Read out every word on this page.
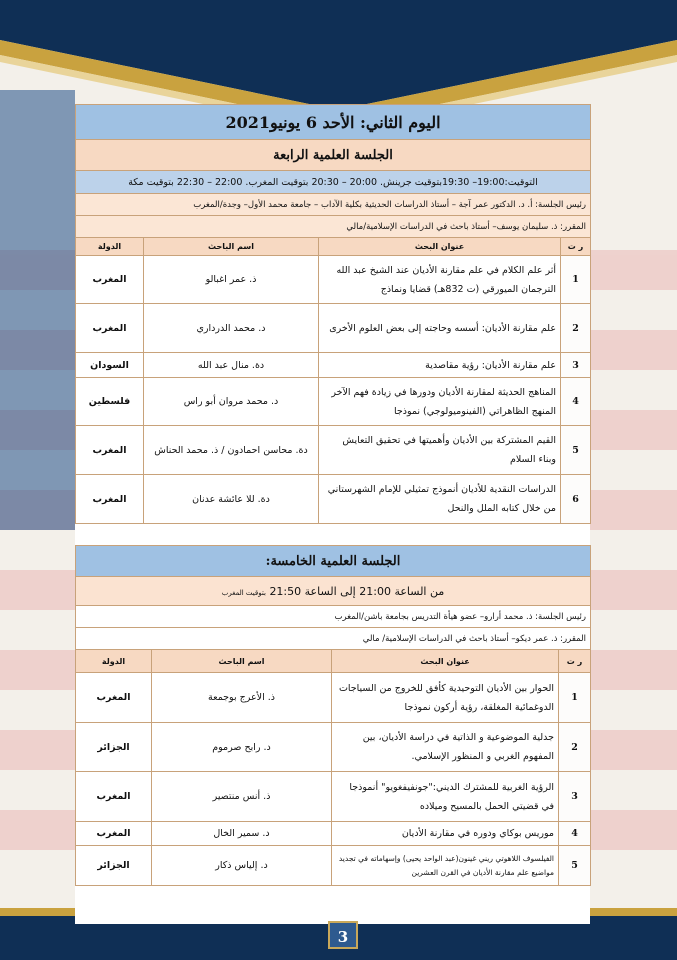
اليوم الثاني: الأحد 6 يونيو2021			
الجلسة العلمية الرابعة			
التوقيت:19:00– 19:30بتوقيت جرينش. 20:00 – 20:30 بتوقيت المغرب. 22:00 – 22:30 بتوقيت مكة			
رئيس الجلسة: أ. د. الدكتور عمر آجة – أستاذ الدراسات الحديثية بكلية الآداب – جامعة محمد الأول– وجدة/المغرب			
المقرر: ذ. سليمان يوسف– أستاذ باحث في الدراسات الإسلامية/مالي			
ر ت	عنوان البحث	اسم الباحث	الدولة
1	أثر علم الكلام في علم مقارنة الأديان عند الشيخ عبد الله الترجمان الميورقي (ت 832هـ) قضايا ونماذج	ذ. عمر اغبالو	المغرب
2	علم مقارنة الأديان: أسسه وحاجته إلى بعض العلوم الأخرى	د. محمد الدرداري	المغرب
3	علم مقارنة الأديان: رؤية مقاصدية	دة. منال عبد الله	السودان
4	المناهج الحديثة لمقارنة الأديان ودورها في زيادة فهم الآخر المنهج الظاهراتي (الفينوميولوجي) نموذجا	د. محمد مروان أبو راس	فلسطين
5	القيم المشتركة بين الأديان وأهميتها في تحقيق التعايش وبناء السلام	دة. محاسن احمادون / ذ. محمد الحناش	المغرب
6	الدراسات النقدية للأديان أنموذج تمثيلي للإمام الشهرستاني من خلال كتابه الملل والنحل	دة. للا عائشة عدنان	المغرب
الجلسة العلمية الخامسة:			
من الساعة 21:00 إلى الساعة 21:50 بتوقيت المغرب			
رئيس الجلسة: ذ. محمد أرارو– عضو هيأة التدريس بجامعة باشن/المغرب			
المقرر: ذ. عمر ديكو– أستاذ باحث في الدراسات الإسلامية/ مالي			
ر ت	عنوان البحث	اسم الباحث	الدولة
1	الحوار بين الأديان التوحيدية كأفق للخروج من السياجات الدوغمائية المغلقة، رؤية أركون نموذجا	ذ. الأعرج بوجمعة	المغرب
2	جدلية الموضوعية و الذاتية في دراسة الأديان، بين المفهوم الغربي و المنظور الإسلامي.	د. رابح صرموم	الجزائر
3	الرؤية الغربية للمشترك الديني:"جونفيفغويو" أنموذجا في قضيتي الحمل بالمسيح وميلاده	ذ. أنس منتصير	المغرب
4	موريس بوكاي ودوره في مقارنة الأديان	د. سمير الخال	المغرب
5	الفيلسوف اللاهوتي ريني غينون(عبد الواحد يحيى) وإسهاماته في تجديد مواضيع علم مقارنة الأديان في القرن العشرين	د. إلياس ذكار	الجزائر
3
